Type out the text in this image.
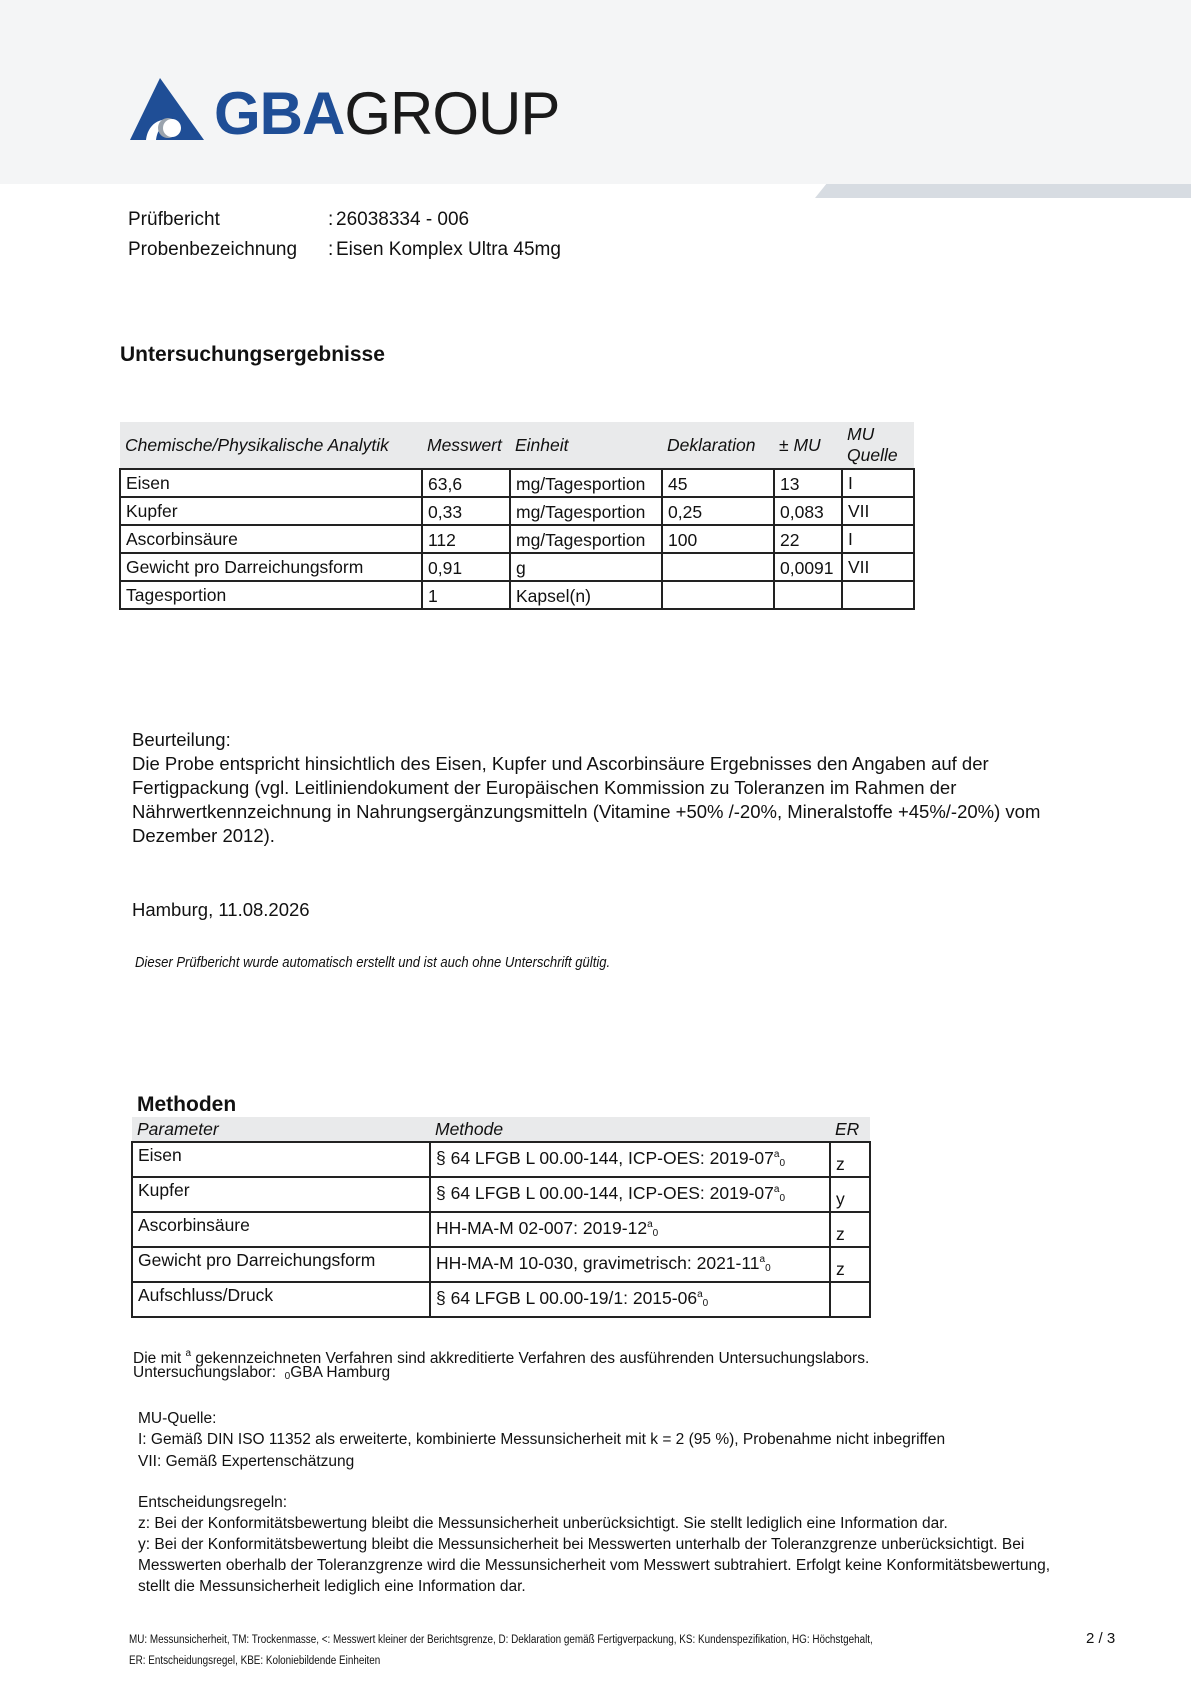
GBAGROUP
Prüfbericht	: 26038334 - 006
Probenbezeichnung : Eisen Komplex Ultra 45mg
Untersuchungsergebnisse
Chemische/Physikalische Analytik	Messwert	Einheit	Deklaration	± MU	MU
Quelle
Eisen	63,6	mg/Tagesportion	45	13	I
Kupfer	0,33	mg/Tagesportion	0,25	0,083	VII
Ascorbinsäure	112	mg/Tagesportion	100	22	I
Gewicht pro Darreichungsform	0,91	g		0,0091	VII
Tagesportion	1	Kapsel(n)			
Beurteilung:
Die Probe entspricht hinsichtlich des Eisen, Kupfer und Ascorbinsäure Ergebnisses den Angaben auf der Fertigpackung (vgl. Leitliniendokument der Europäischen Kommission zu Toleranzen im Rahmen der Nährwertkennzeichnung in Nahrungsergänzungsmitteln (Vitamine +50% /-20%, Mineralstoffe +45%/-20%) vom Dezember 2012).
Hamburg, 11.08.2026
Dieser Prüfbericht wurde automatisch erstellt und ist auch ohne Unterschrift gültig.
Methoden
Parameter	Methode	ER
Eisen	§ 64 LFGB L 00.00-144, ICP-OES: 2019-07$^a$0	z
Kupfer	§ 64 LFGB L 00.00-144, ICP-OES: 2019-07$^a$0	y
Ascorbinsäure	HH-MA-M 02-007: 2019-12$^a$0	z
Gewicht pro Darreichungsform	HH-MA-M 10-030, gravimetrisch: 2021-11$^a$0	z
Aufschluss/Druck	§ 64 LFGB L 00.00-19/1: 2015-06$^a$0	
Die mit $^a$ gekennzeichneten Verfahren sind akkreditierte Verfahren des ausführenden Untersuchungslabors.
Untersuchungslabor: 0GBA Hamburg
MU-Quelle:
I: Gemäß DIN ISO 11352 als erweiterte, kombinierte Messunsicherheit mit k = 2 (95 %), Probenahme nicht inbegriffen
VII: Gemäß Expertenschätzung
Entscheidungsregeln:
z: Bei der Konformitätsbewertung bleibt die Messunsicherheit unberücksichtigt. Sie stellt lediglich eine Information dar.
y: Bei der Konformitätsbewertung bleibt die Messunsicherheit bei Messwerten unterhalb der Toleranzgrenze unberücksichtigt. Bei Messwerten oberhalb der Toleranzgrenze wird die Messunsicherheit vom Messwert subtrahiert. Erfolgt keine Konformitätsbewertung, stellt die Messunsicherheit lediglich eine Information dar.
MU: Messunsicherheit, TM: Trockenmasse, <: Messwert kleiner der Berichtsgrenze, D: Deklaration gemäß Fertigverpackung, KS: Kundenspezifikation, HG: Höchstgehalt,
ER: Entscheidungsregel, KBE: Koloniebildende Einheiten
2 / 3
